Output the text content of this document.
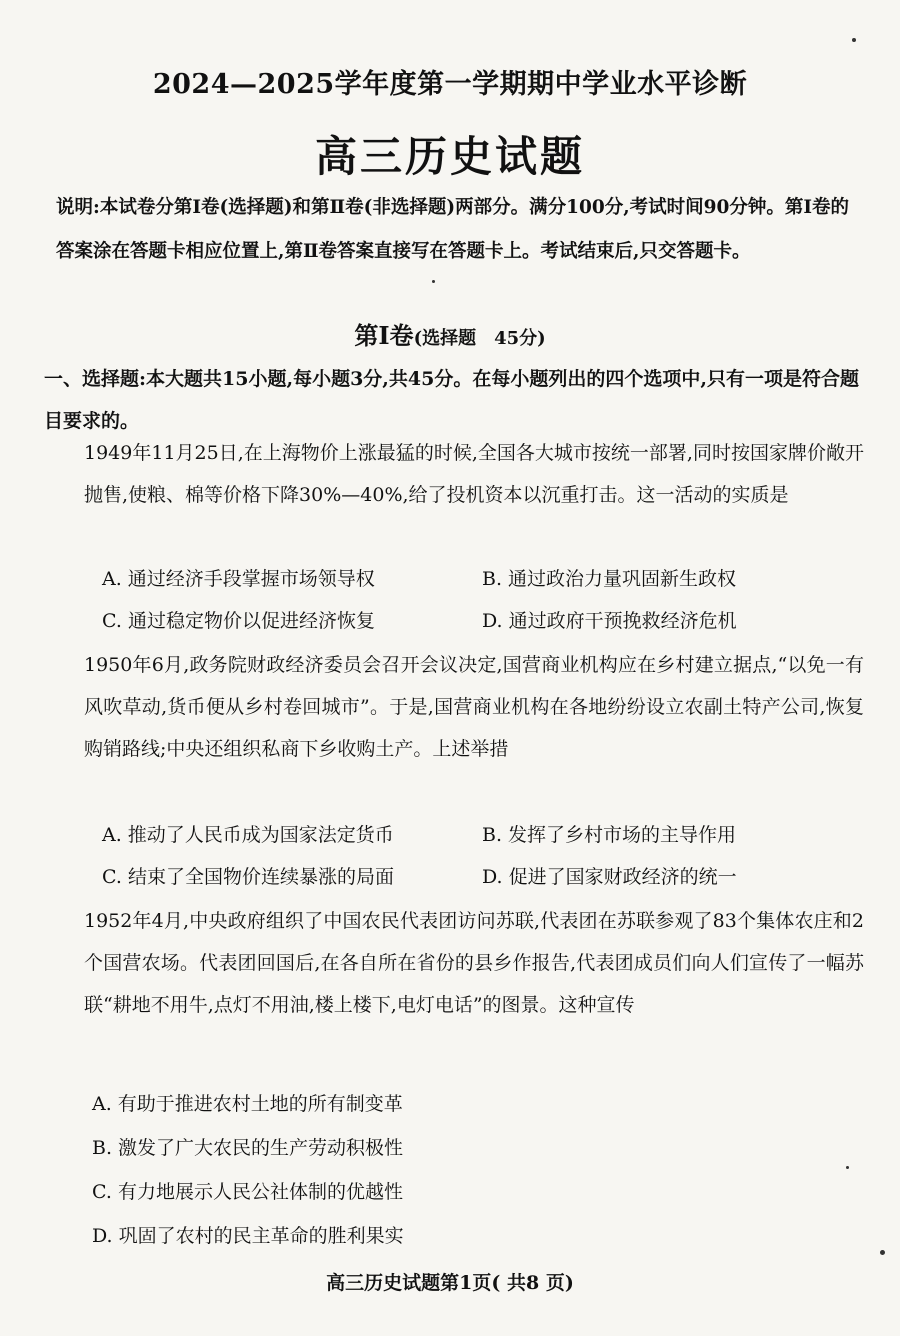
2024—2025学年度第一学期期中学业水平诊断
高三历史试题
说明:本试卷分第Ⅰ卷(选择题)和第Ⅱ卷(非选择题)两部分。满分100分,考试时间90分钟。第Ⅰ卷的答案涂在答题卡相应位置上,第Ⅱ卷答案直接写在答题卡上。考试结束后,只交答题卡。
第Ⅰ卷(选择题　45分)
一、选择题:本大题共15小题,每小题3分,共45分。在每小题列出的四个选项中,只有一项是符合题目要求的。
1949年11月25日,在上海物价上涨最猛的时候,全国各大城市按统一部署,同时按国家牌价敞开抛售,使粮、棉等价格下降30%—40%,给了投机资本以沉重打击。这一活动的实质是
A. 通过经济手段掌握市场领导权	B. 通过政治力量巩固新生政权
C. 通过稳定物价以促进经济恢复	D. 通过政府干预挽救经济危机
1950年6月,政务院财政经济委员会召开会议决定,国营商业机构应在乡村建立据点,“以免一有风吹草动,货币便从乡村卷回城市”。于是,国营商业机构在各地纷纷设立农副土特产公司,恢复购销路线;中央还组织私商下乡收购土产。上述举措
A. 推动了人民币成为国家法定货币	B. 发挥了乡村市场的主导作用
C. 结束了全国物价连续暴涨的局面	D. 促进了国家财政经济的统一
1952年4月,中央政府组织了中国农民代表团访问苏联,代表团在苏联参观了83个集体农庄和2个国营农场。代表团回国后,在各自所在省份的县乡作报告,代表团成员们向人们宣传了一幅苏联“耕地不用牛,点灯不用油,楼上楼下,电灯电话”的图景。这种宣传
A. 有助于推进农村土地的所有制变革
B. 激发了广大农民的生产劳动积极性
C. 有力地展示人民公社体制的优越性
D. 巩固了农村的民主革命的胜利果实
高三历史试题第1页( 共8 页)
